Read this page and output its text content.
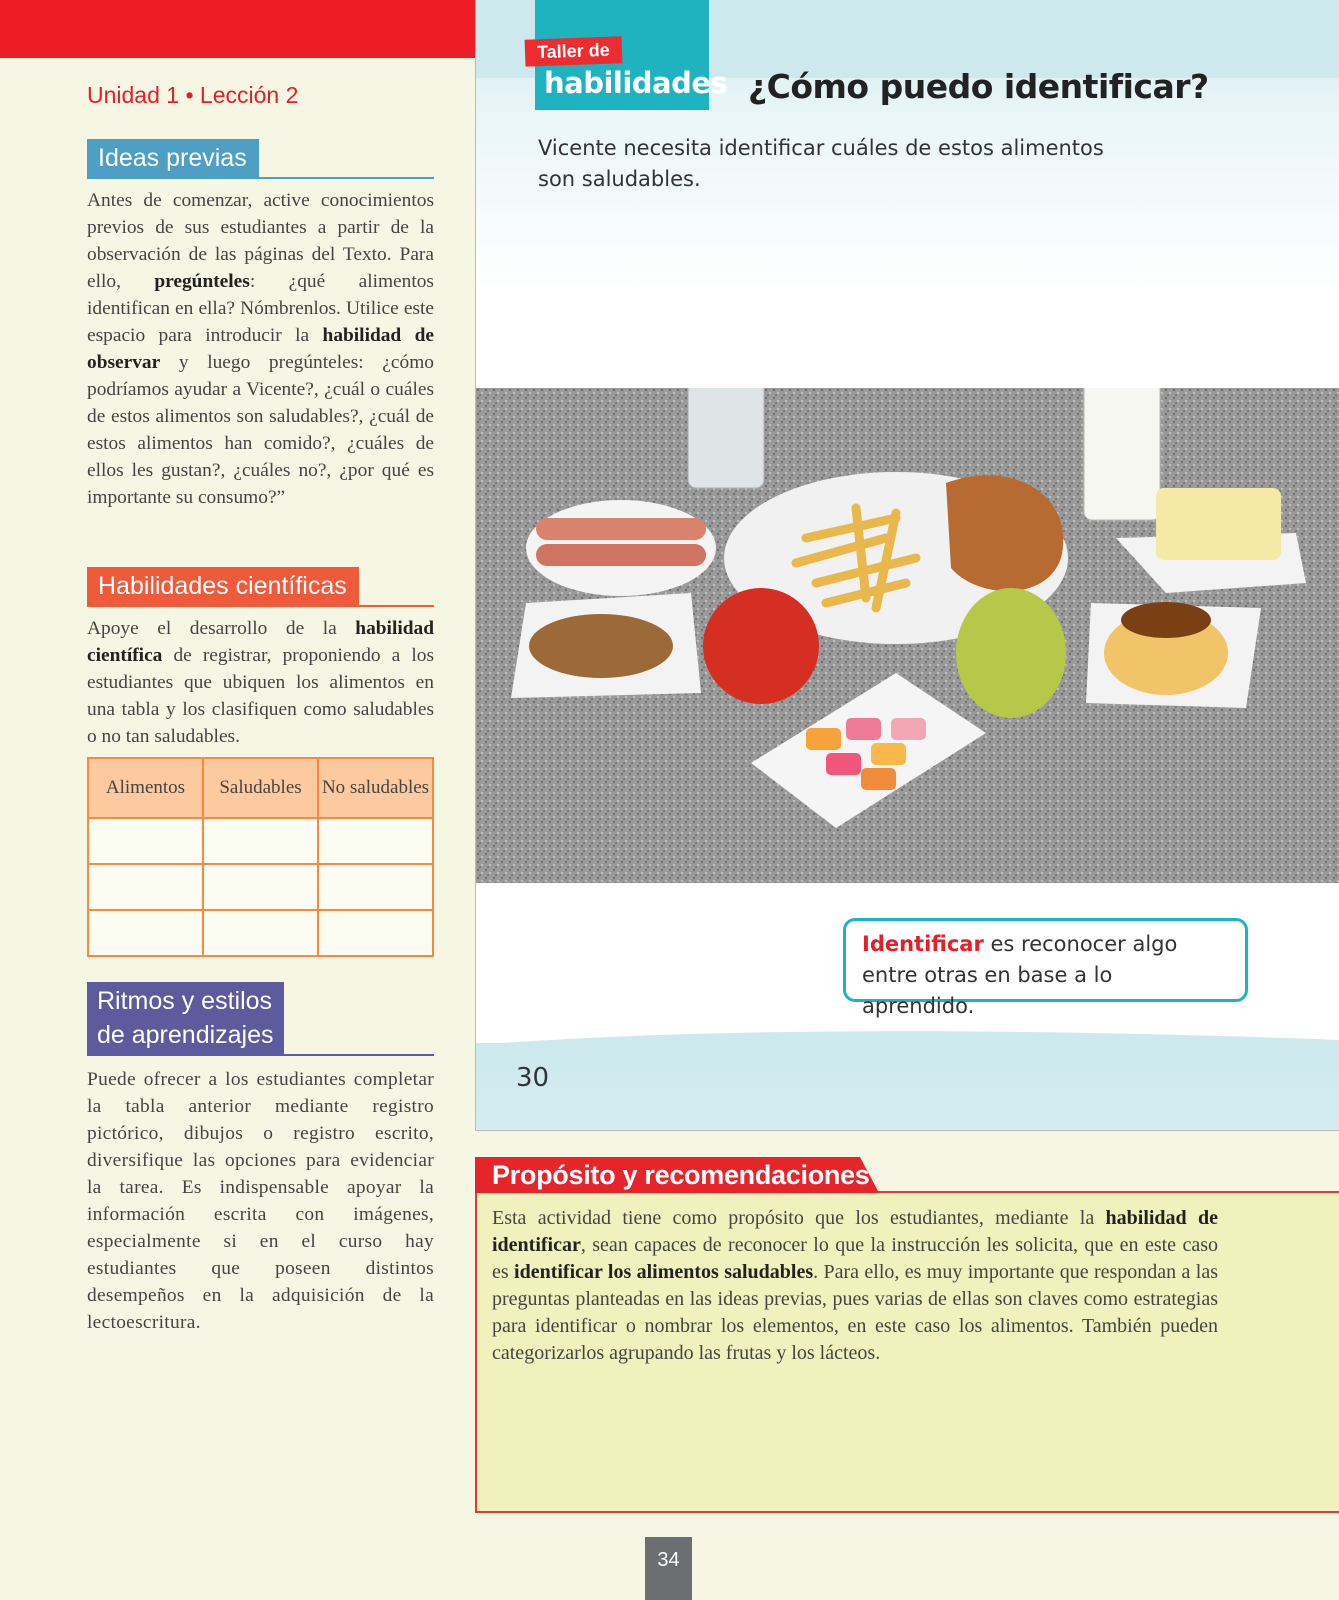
Unidad 1 • Lección 2
Ideas previas

Antes de comenzar, active conocimientos previos de sus estudiantes a partir de la observación de las páginas del Texto. Para ello, pregúnteles: ¿qué alimentos identifican en ella? Nómbrenlos. Utilice este espacio para introducir la habilidad de observar y luego pregúnteles: ¿cómo podríamos ayudar a Vicente?, ¿cuál o cuáles de estos alimentos son saludables?, ¿cuál de estos alimentos han comido?, ¿cuáles de ellos les gustan?, ¿cuáles no?, ¿por qué es importante su consumo?”

Habilidades científicas

Apoye el desarrollo de la habilidad científica de registrar, proponiendo a los estudiantes que ubiquen los alimentos en una tabla y los clasifiquen como saludables o no tan saludables.

Alimentos	Saludables	No saludables

Ritmos y estilos
de aprendizajes

Puede ofrecer a los estudiantes completar la tabla anterior mediante registro pictórico, dibujos o registro escrito, diversifique las opciones para evidenciar la tarea. Es indispensable apoyar la información escrita con imágenes, especialmente si en el curso hay estudiantes que poseen distintos desempeños en la adquisición de la lectoescritura.

Taller de
habilidades ¿Cómo puedo identificar?
Vicente necesita identificar cuáles de estos alimentos son saludables.
Identificar es reconocer algo entre otras en base a lo aprendido.
30
Propósito y recomendaciones

Esta actividad tiene como propósito que los estudiantes, mediante la habilidad de identificar, sean capaces de reconocer lo que la instrucción les solicita, que en este caso es identificar los alimentos saludables. Para ello, es muy importante que respondan a las preguntas planteadas en las ideas previas, pues varias de ellas son claves como estrategias para identificar o nombrar los elementos, en este caso los alimentos. También pueden categorizarlos agrupando las frutas y los lácteos.

34
